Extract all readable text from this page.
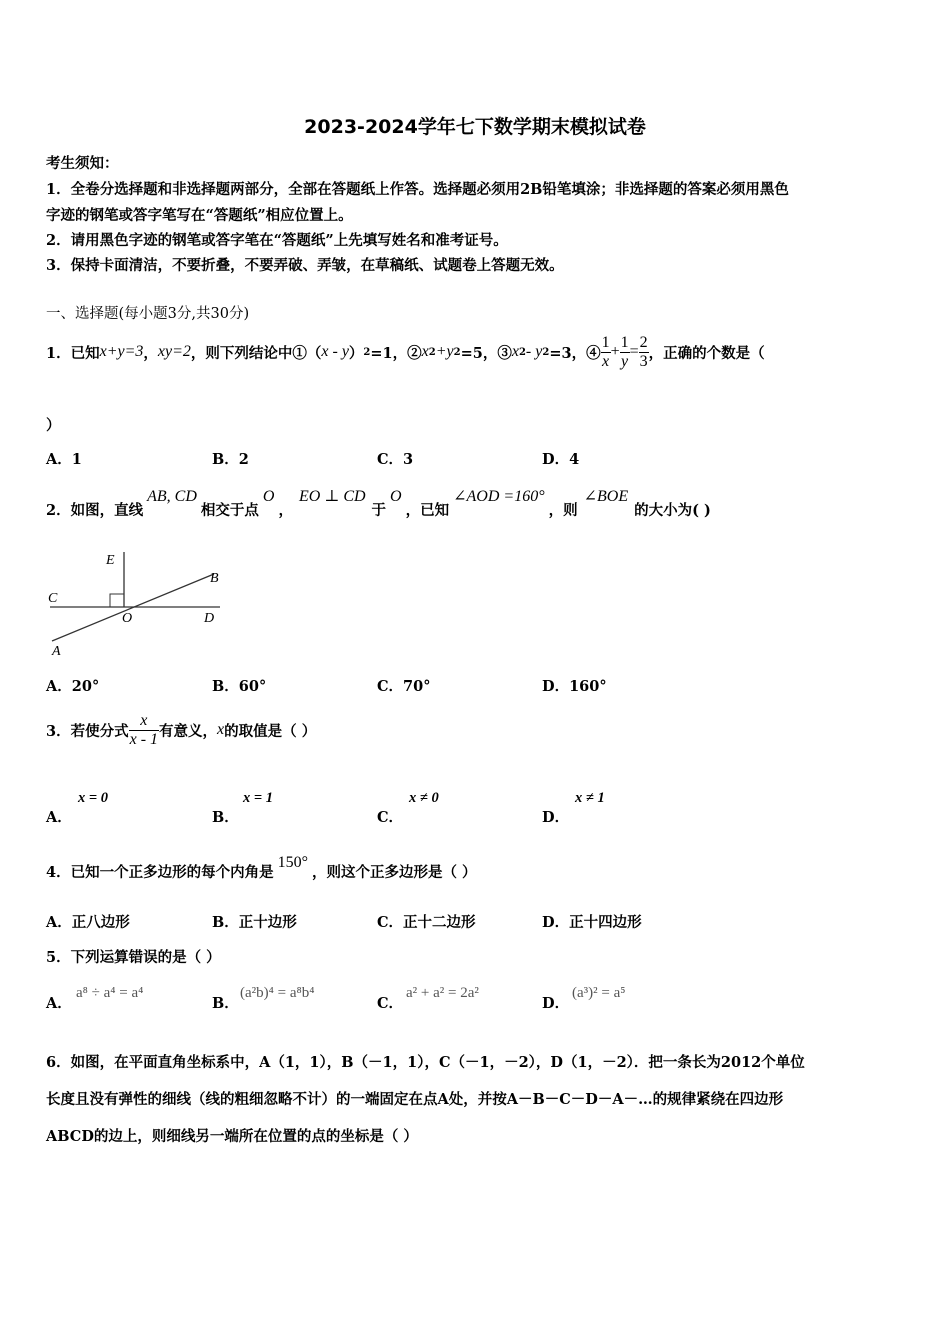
2023-2024学年七下数学期末模拟试卷
考生须知：
1．全卷分选择题和非选择题两部分，全部在答题纸上作答。选择题必须用2B铅笔填涂；非选择题的答案必须用黑色
字迹的钢笔或答字笔写在“答题纸”相应位置上。
2．请用黑色字迹的钢笔或答字笔在“答题纸”上先填写姓名和准考证号。
3．保持卡面清洁，不要折叠，不要弄破、弄皱，在草稿纸、试题卷上答题无效。
一、选择题(每小题3分,共30分)
1． 已知 x+y=3 ， xy=2 ，则下列结论中①（ x - y ） 2 =1，② x 2 +y 2 =5，③ x 2 - y 2 =3，④ $\frac{1}{x} + \frac{1}{y} = \frac{2}{3}$ ，正确的个数是（
）
A．1	B．2	C．3	D．4
2． 如图，直线
AB, CD
相交于点
O
，
EO ⊥ CD
于
O
，已知
∠AOD =160°
，则
∠BOE
的大小为( )
E
B
C
O	D
A
A．20°	B．60°	C．70°	D．160°
3． 若使分式 $\frac{x}{x - 1}$ 有意义， x 的取值是（ ）
A．
x = 0
B．
x = 1
C．
x ≠ 0
D．
x ≠ 1
4． 已知一个正多边形的每个内角是
150°
，则这个正多边形是（ ）
A．正八边形	B．正十边形	C．正十二边形	D．正十四边形
5．下列运算错误的是（ ）
A．
a⁸ ÷ a⁴ = a⁴
B．
(a²b)⁴ = a⁸b⁴
C．
a² + a² = 2a²
D．
(a³)² = a⁵
6．如图，在平面直角坐标系中，A（1，1），B（－1，1），C（－1，－2），D（1，－2）．把一条长为2012个单位
长度且没有弹性的细线（线的粗细忽略不计）的一端固定在点A处，并按A－B－C－D－A－…的规律紧绕在四边形
ABCD的边上，则细线另一端所在位置的点的坐标是（ ）
